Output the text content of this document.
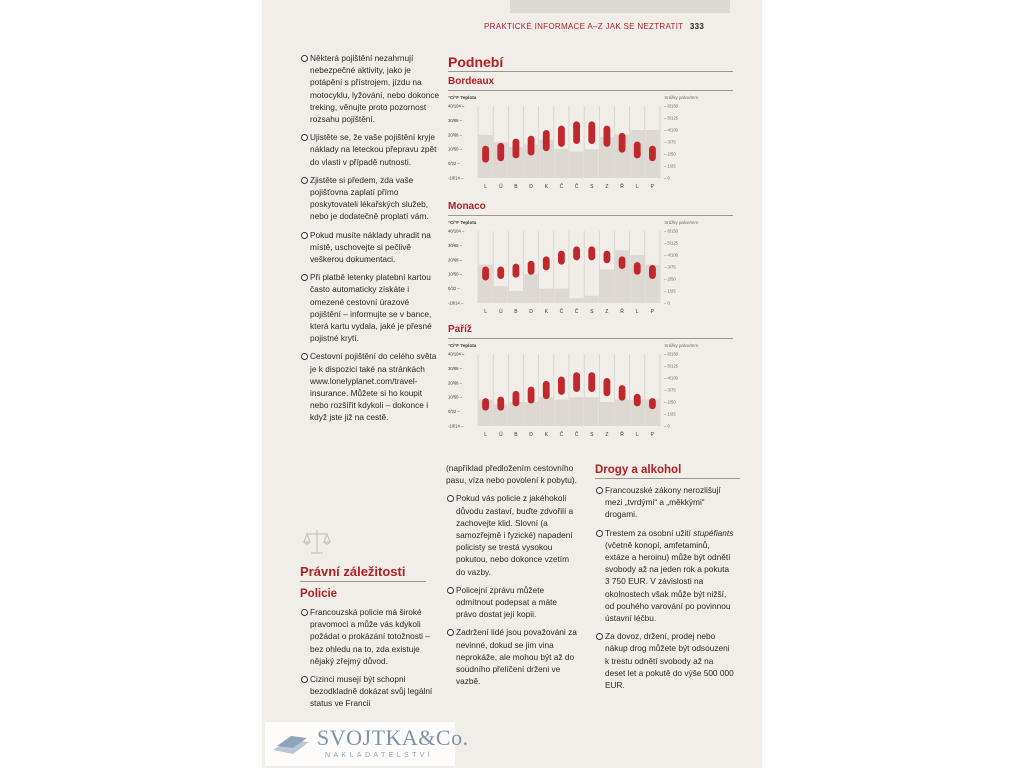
PRAKTICKÉ INFORMACE A–Z JAK SE NEZTRATIT 333
Některá pojištění nezahrnují nebezpečné aktivity, jako je potápění s přístrojem, jízdu na motocyklu, lyžování, nebo dokonce treking, věnujte proto pozornost rozsahu pojištění.
Ujistěte se, že vaše pojištění kryje náklady na leteckou přepravu zpět do vlasti v případě nutnosti.
Zjistěte si předem, zda vaše pojišťovna zaplatí přímo poskytovateli lékařských služeb, nebo je dodatečně proplatí vám.
Pokud musíte náklady uhradit na místě, uschovejte si pečlivě veškerou dokumentaci.
Při platbě letenky platební kartou často automaticky získáte i omezené cestovní úrazové pojištění – informujte se v bance, která kartu vydala, jaké je přesné pojistné krytí.
Cestovní pojištění do celého světa je k dispozici také na stránkách www.lonelyplanet.com/travel-insurance. Můžete si ho koupit nebo rozšířit kdykoli – dokonce i když jste již na cestě.
Právní záležitosti
Policie
Francouzská policie má široké pravomoci a může vás kdykoli požádat o prokázání totožnosti – bez ohledu na to, zda existuje nějaký zřejmý důvod.
Cizinci musejí být schopni bezodkladně dokázat svůj legální status ve Francii
Podnebí
Bordeaux
°C/°F Teplota	Srážky palce/mm
40/104 –
30/86 –
20/68 –
10/50 –
0/32 –
-10/14 –
– 6/150
– 5/125
– 4/100
– 3/75
– 2/50
– 1/25
– 0
L Ú B D K Č Č S Z Ř L P
Monaco
°C/°F Teplota	Srážky palce/mm
40/104 –
30/86 –
20/68 –
10/50 –
0/32 –
-10/14 –
– 6/150
– 5/125
– 4/100
– 3/75
– 2/50
– 1/25
– 0
L Ú B D K Č Č S Z Ř L P
Paříž
°C/°F Teplota	Srážky palce/mm
40/104 –
30/86 –
20/68 –
10/50 –
0/32 –
-10/14 –
– 6/150
– 5/125
– 4/100
– 3/75
– 2/50
– 1/25
– 0
L Ú B D K Č Č S Z Ř L P
(například předložením cestovního pasu, víza nebo povolení k pobytu).
Pokud vás policie z jakéhokoli důvodu zastaví, buďte zdvořilí a zachovejte klid. Slovní (a samozřejmě i fyzické) napadení policisty se trestá vysokou pokutou, nebo dokonce vzetím do vazby.
Policejní zprávu můžete odmítnout podepsat a máte právo dostat její kopii.
Zadržení lidé jsou považováni za nevinné, dokud se jim vina neprokáže, ale mohou být až do soudního přelíčení drženi ve vazbě.
Drogy a alkohol
Francouzské zákony nerozlišují mezi „tvrdými“ a „měkkými“ drogami.
Trestem za osobní užití stupéfiants (včetně konopí, amfetaminů, extáze a heroinu) může být odnětí svobody až na jeden rok a pokuta 3 750 EUR. V závislosti na okolnostech však může být nižší, od pouhého varování po povinnou ústavní léčbu.
Za dovoz, držení, prodej nebo nákup drog můžete být odsouzeni k trestu odnětí svobody až na deset let a pokutě do výše 500 000 EUR.
SVOJTKA&Co.
NAKLADATELSTVÍ
